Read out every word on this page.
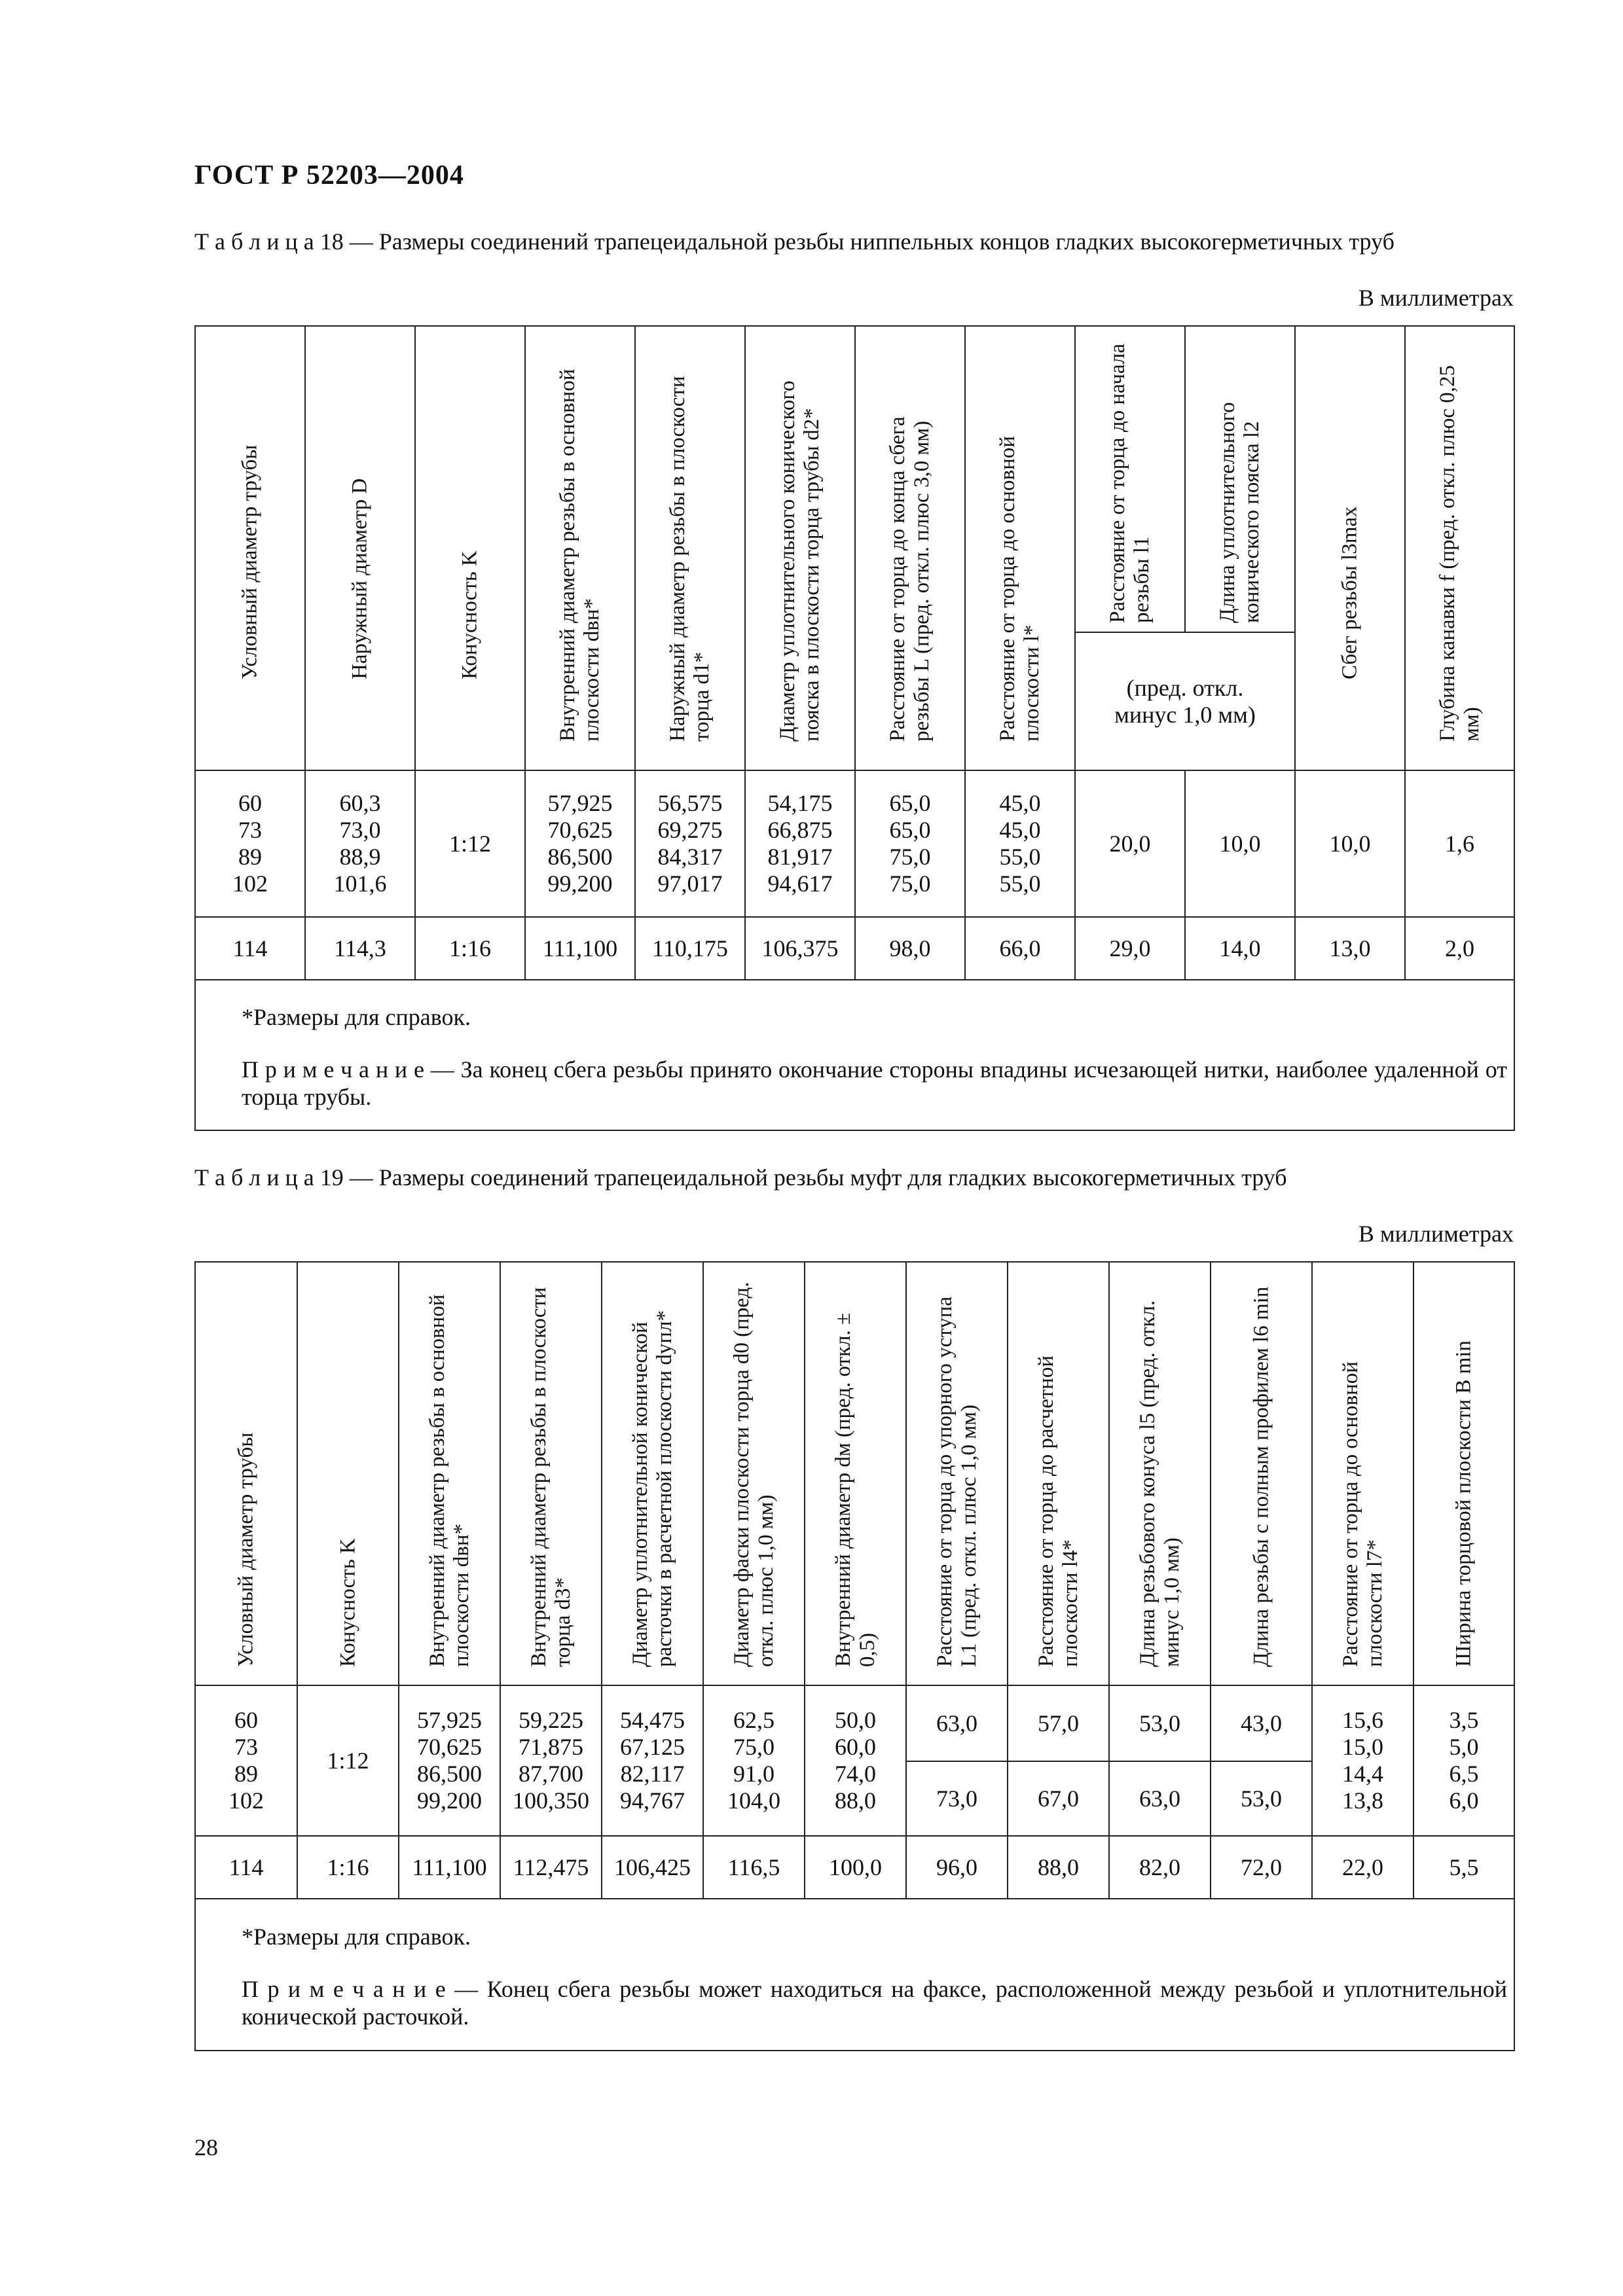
ГОСТ Р 52203—2004
Т а б л и ц а 18 — Размеры соединений трапецеидальной резьбы ниппельных концов гладких высокогерметичных труб
В миллиметрах
Условный диаметр трубы	Наружный диаметр D	Конусность K	Внутренний диаметр резьбы в основной плоскости dвн*	Наружный диаметр резьбы в плоскости торца d1*	Диаметр уплотнительного конического пояска в плоскости торца трубы d2*	Расстояние от торца до конца сбега резьбы L (пред. откл. плюс 3,0 мм)	Расстояние от торца до основной плоскости l*	Расстояние от торца до начала резьбы l1	Длина уплотнительного конического пояска l2	Сбег резьбы l3max	Глубина канавки f (пред. откл. плюс 0,25 мм)

								(пред. откл. минус 1,0 мм)			

60
73
89
102	60,3
73,0
88,9
101,6	1:12	57,925
70,625
86,500
99,200	56,575
69,275
84,317
97,017	54,175
66,875
81,917
94,617	65,0
65,0
75,0
75,0	45,0
45,0
55,0
55,0	20,0	10,0	10,0	1,6
114	114,3	1:16	111,100	110,175	106,375	98,0	66,0	29,0	14,0	13,0	2,0

*Размеры для справок.

П р и м е ч а н и е — За конец сбега резьбы принято окончание стороны впадины исчезающей нитки, наиболее удаленной от торца трубы.											

Т а б л и ц а 19 — Размеры соединений трапецеидальной резьбы муфт для гладких высокогерметичных труб
В миллиметрах
Условный диаметр трубы	Конусность K	Внутренний диаметр резьбы в основной плоскости dвн*	Внутренний диаметр резьбы в плоскости торца d3*	Диаметр уплотнительной коничеcкой расточки в расчетной плоскости dупл*	Диаметр фаски плоскости торца d0 (пред. откл. плюс 1,0 мм)	Внутренний диаметр dм (пред. откл. ± 0,5)	Расстояние от торца до упорного уступа L1 (пред. откл. плюс 1,0 мм)	Расстояние от торца до расчетной плоскости l4*	Длина резьбового конуса l5 (пред. откл. минус 1,0 мм)	Длина резьбы с полным профилем l6 min	Расстояние от торца до основной плоскости l7*	Ширина торцовой плоскости B min

60
73
89
102	1:12	57,925
70,625
86,500
99,200	59,225
71,875
87,700
100,350	54,475
67,125
82,117
94,767	62,5
75,0
91,0
104,0	50,0
60,0
74,0
88,0	63,0	57,0	53,0	43,0	15,6
15,0
14,4
13,8	3,5
5,0
6,5
6,0

							73,0	67,0	63,0	53,0		
114	1:16	111,100	112,475	106,425	116,5	100,0	96,0	88,0	82,0	72,0	22,0	5,5

*Размеры для справок.

П р и м е ч а н и е — Конец сбега резьбы может находиться на факсе, расположенной между резьбой и уплотнительной конической расточкой.												

28
